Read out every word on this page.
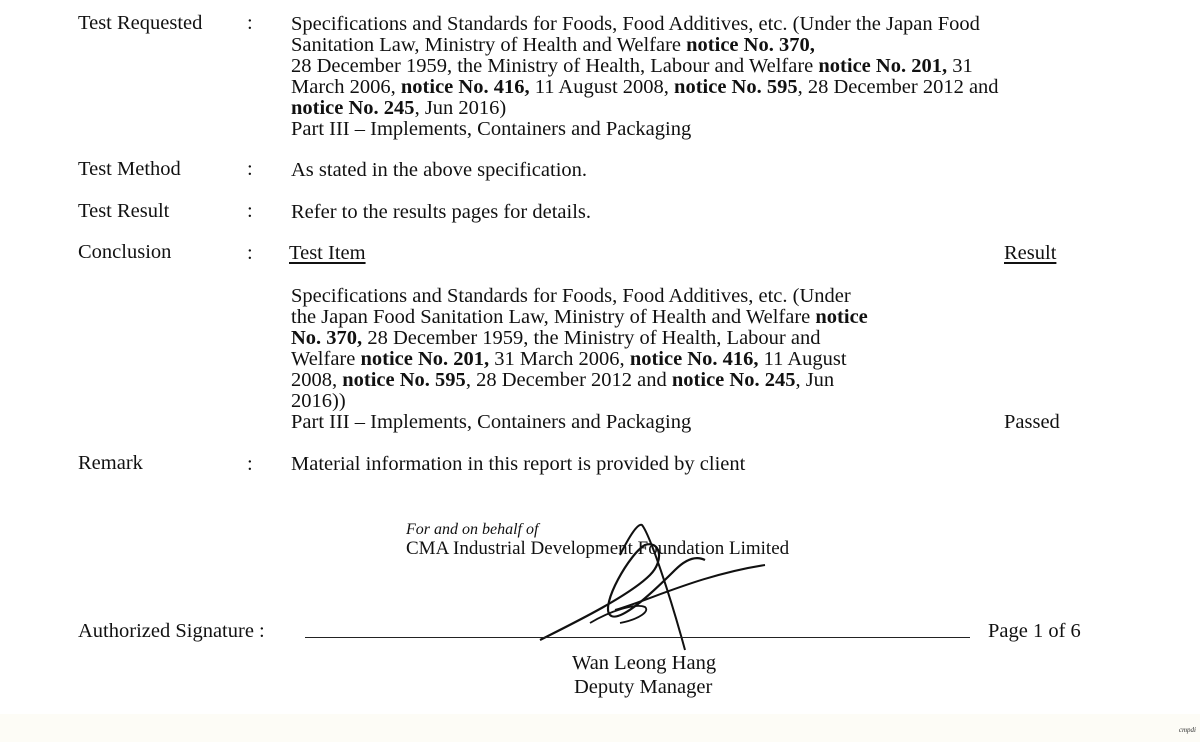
Test Requested : Specifications and Standards for Foods, Food Additives, etc. (Under the Japan Food
Sanitation Law, Ministry of Health and Welfare notice No. 370,
28 December 1959, the Ministry of Health, Labour and Welfare notice No. 201, 31
March 2006, notice No. 416, 11 August 2008, notice No. 595, 28 December 2012 and
notice No. 245, Jun 2016)
Part III – Implements, Containers and Packaging
Test Method	: As stated in the above specification.
Test Result	: Refer to the results pages for details.
Conclusion	: Test Item	Result
Specifications and Standards for Foods, Food Additives, etc. (Under
the Japan Food Sanitation Law, Ministry of Health and Welfare notice
No. 370, 28 December 1959, the Ministry of Health, Labour and
Welfare notice No. 201, 31 March 2006, notice No. 416, 11 August
2008, notice No. 595, 28 December 2012 and notice No. 245, Jun
2016))
Part III – Implements, Containers and Packaging	Passed
Remark	: Material information in this report is provided by client
For and on behalf of
CMA Industrial Development Foundation Limited
Authorized Signature :	Page 1 of 6
Wan Leong Hang
Deputy Manager
cmpdi
